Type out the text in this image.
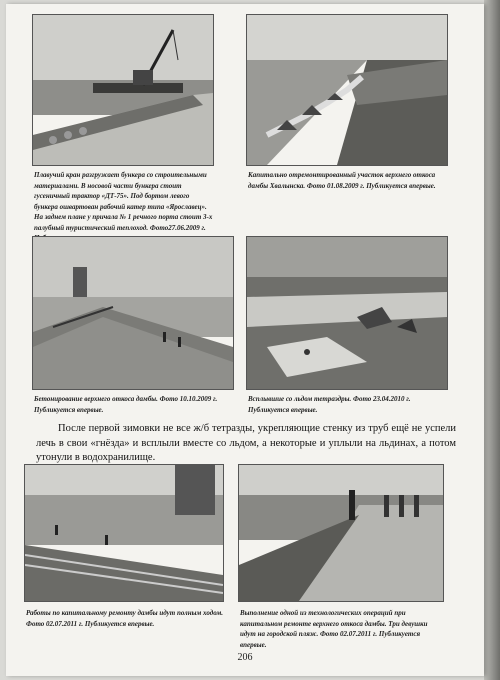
Плавучий кран разгружает бункера со строительными материалами. В носовой части бункера стоит гусеничный трактор «ДТ-75». Под бортом левого бункера ошвартован рабочий катер типа «Ярославец». На заднем плане у причала № 1 речного порта стоит 3-х палубный туристический теплоход. Фото27.06.2009 г.

Капитально отремонтированный участок верхнего откоса дамбы Хвалынска. Фото 01.08.2009 г. Публикуется впервые.

Бетонирование верхнего откоса дамбы. Фото 10.10.2009 г. Публикуется впервые.

Всплывшие со льдом тетраэдры. Фото 23.04.2010 г. Публикуется впервые.

После первой зимовки не все ж/б тетразды, укрепляющие стенку из труб ещё не успели лечь в свои «гнёзда» и всплыли вместе со льдом, а некоторые и уплыли на льдинах, а потом утонули в водохранилище.

Работы по капитальному ремонту дамбы идут полным ходом. Фото 02.07.2011 г. Публикуется впервые.

Выполнение одной из технологических операций при капитальном ремонте верхнего откоса дамбы. Три девушки идут на городской пляж. Фото 02.07.2011 г. Публикуется впервые.

206
